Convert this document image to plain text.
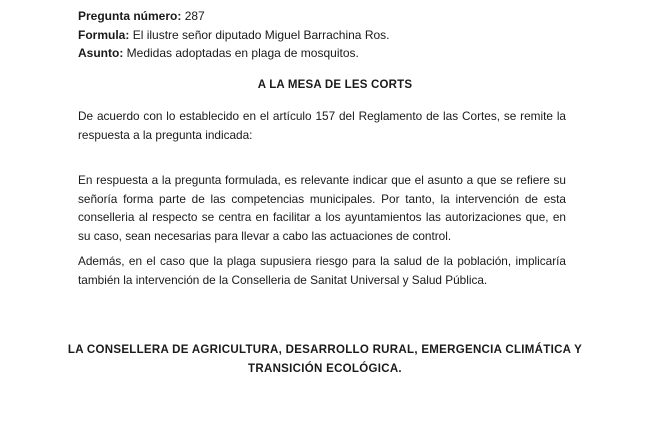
Pregunta número: 287
Formula: El ilustre señor diputado Miguel Barrachina Ros.
Asunto: Medidas adoptadas en plaga de mosquitos.
A LA MESA DE LES CORTS
De acuerdo con lo establecido en el artículo 157 del Reglamento de las Cortes, se remite la respuesta a la pregunta indicada:
En respuesta a la pregunta formulada, es relevante indicar que el asunto a que se refiere su señoría forma parte de las competencias municipales. Por tanto, la intervención de esta conselleria al respecto se centra en facilitar a los ayuntamientos las autorizaciones que, en su caso, sean necesarias para llevar a cabo las actuaciones de control.
Además, en el caso que la plaga supusiera riesgo para la salud de la población, implicaría también la intervención de la Conselleria de Sanitat Universal y Salud Pública.
LA CONSELLERA DE AGRICULTURA, DESARROLLO RURAL, EMERGENCIA CLIMÁTICA Y
TRANSICIÓN ECOLÓGICA.
